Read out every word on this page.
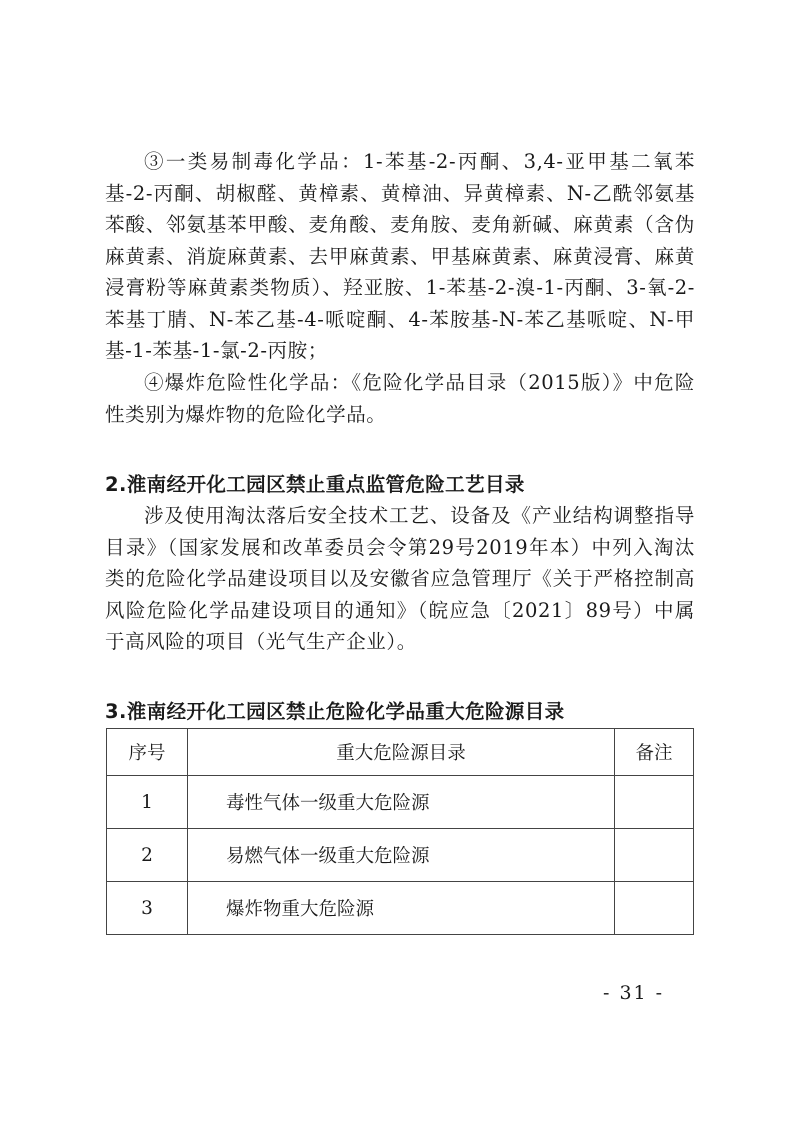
③一类易制毒化学品：1-苯基-2-丙酮、3,4-亚甲基二氧苯基-2-丙酮、胡椒醛、黄樟素、黄樟油、异黄樟素、N-乙酰邻氨基苯酸、邻氨基苯甲酸、麦角酸、麦角胺、麦角新碱、麻黄素（含伪麻黄素、消旋麻黄素、去甲麻黄素、甲基麻黄素、麻黄浸膏、麻黄浸膏粉等麻黄素类物质）、羟亚胺、1-苯基-2-溴-1-丙酮、3-氧-2-苯基丁腈、N-苯乙基-4-哌啶酮、4-苯胺基-N-苯乙基哌啶、N-甲基-1-苯基-1-氯-2-丙胺；

④爆炸危险性化学品：《危险化学品目录（2015版）》中危险性类别为爆炸物的危险化学品。

2.淮南经开化工园区禁止重点监管危险工艺目录

涉及使用淘汰落后安全技术工艺、设备及《产业结构调整指导目录》（国家发展和改革委员会令第29号2019年本）中列入淘汰类的危险化学品建设项目以及安徽省应急管理厅《关于严格控制高风险危险化学品建设项目的通知》（皖应急〔2021〕89号）中属于高风险的项目（光气生产企业）。

3.淮南经开化工园区禁止危险化学品重大危险源目录
序号	重大危险源目录	备注
1	毒性气体一级重大危险源	
2	易燃气体一级重大危险源	
3	爆炸物重大危险源	
- 31 -
